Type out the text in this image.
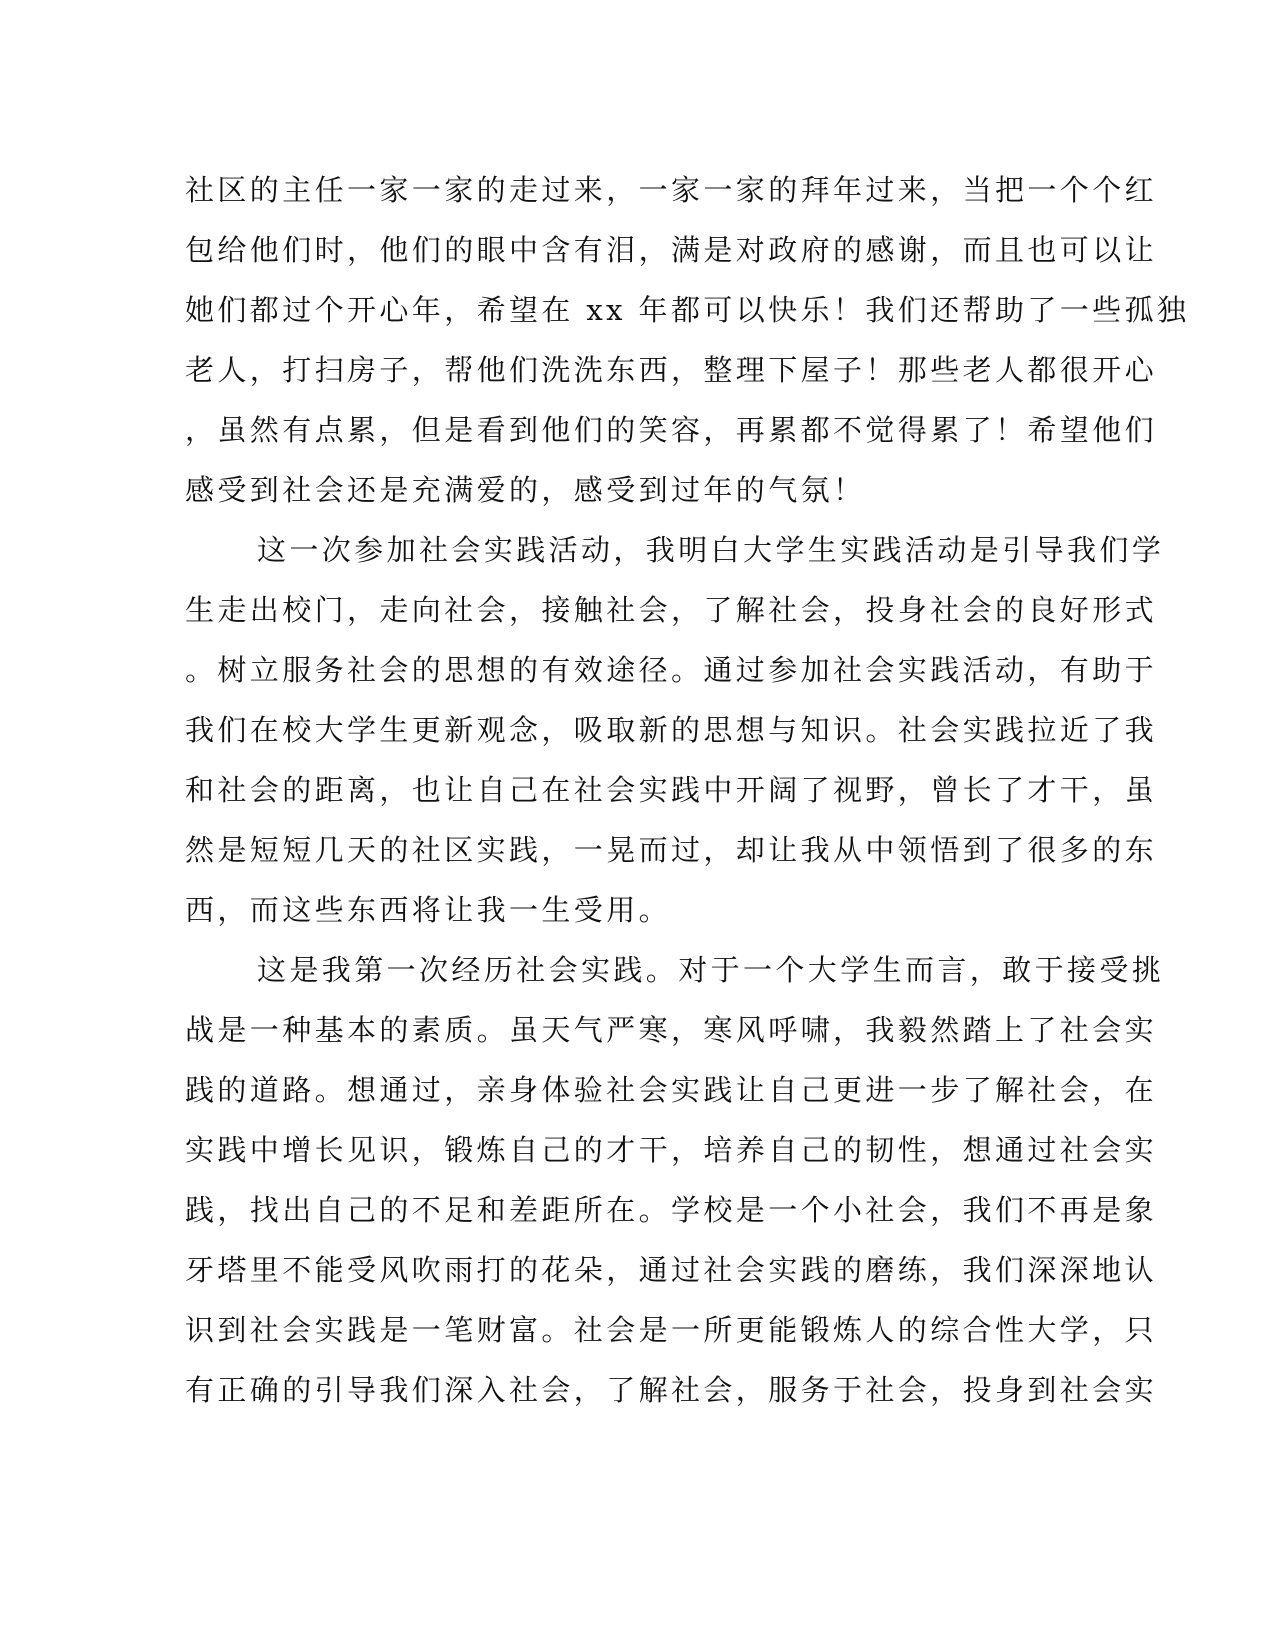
社区的主任一家一家的走过来，一家一家的拜年过来，当把一个个红
包给他们时，他们的眼中含有泪，满是对政府的感谢，而且也可以让
她们都过个开心年，希望在 xx 年都可以快乐！我们还帮助了一些孤独
老人，打扫房子，帮他们洗洗东西，整理下屋子！那些老人都很开心
，虽然有点累，但是看到他们的笑容，再累都不觉得累了！希望他们
感受到社会还是充满爱的，感受到过年的气氛！
这一次参加社会实践活动，我明白大学生实践活动是引导我们学
生走出校门，走向社会，接触社会，了解社会，投身社会的良好形式
。树立服务社会的思想的有效途径。通过参加社会实践活动，有助于
我们在校大学生更新观念，吸取新的思想与知识。社会实践拉近了我
和社会的距离，也让自己在社会实践中开阔了视野，曾长了才干，虽
然是短短几天的社区实践，一晃而过，却让我从中领悟到了很多的东
西，而这些东西将让我一生受用。
这是我第一次经历社会实践。对于一个大学生而言，敢于接受挑
战是一种基本的素质。虽天气严寒，寒风呼啸，我毅然踏上了社会实
践的道路。想通过，亲身体验社会实践让自己更进一步了解社会，在
实践中增长见识，锻炼自己的才干，培养自己的韧性，想通过社会实
践，找出自己的不足和差距所在。学校是一个小社会，我们不再是象
牙塔里不能受风吹雨打的花朵，通过社会实践的磨练，我们深深地认
识到社会实践是一笔财富。社会是一所更能锻炼人的综合性大学，只
有正确的引导我们深入社会，了解社会，服务于社会，投身到社会实
